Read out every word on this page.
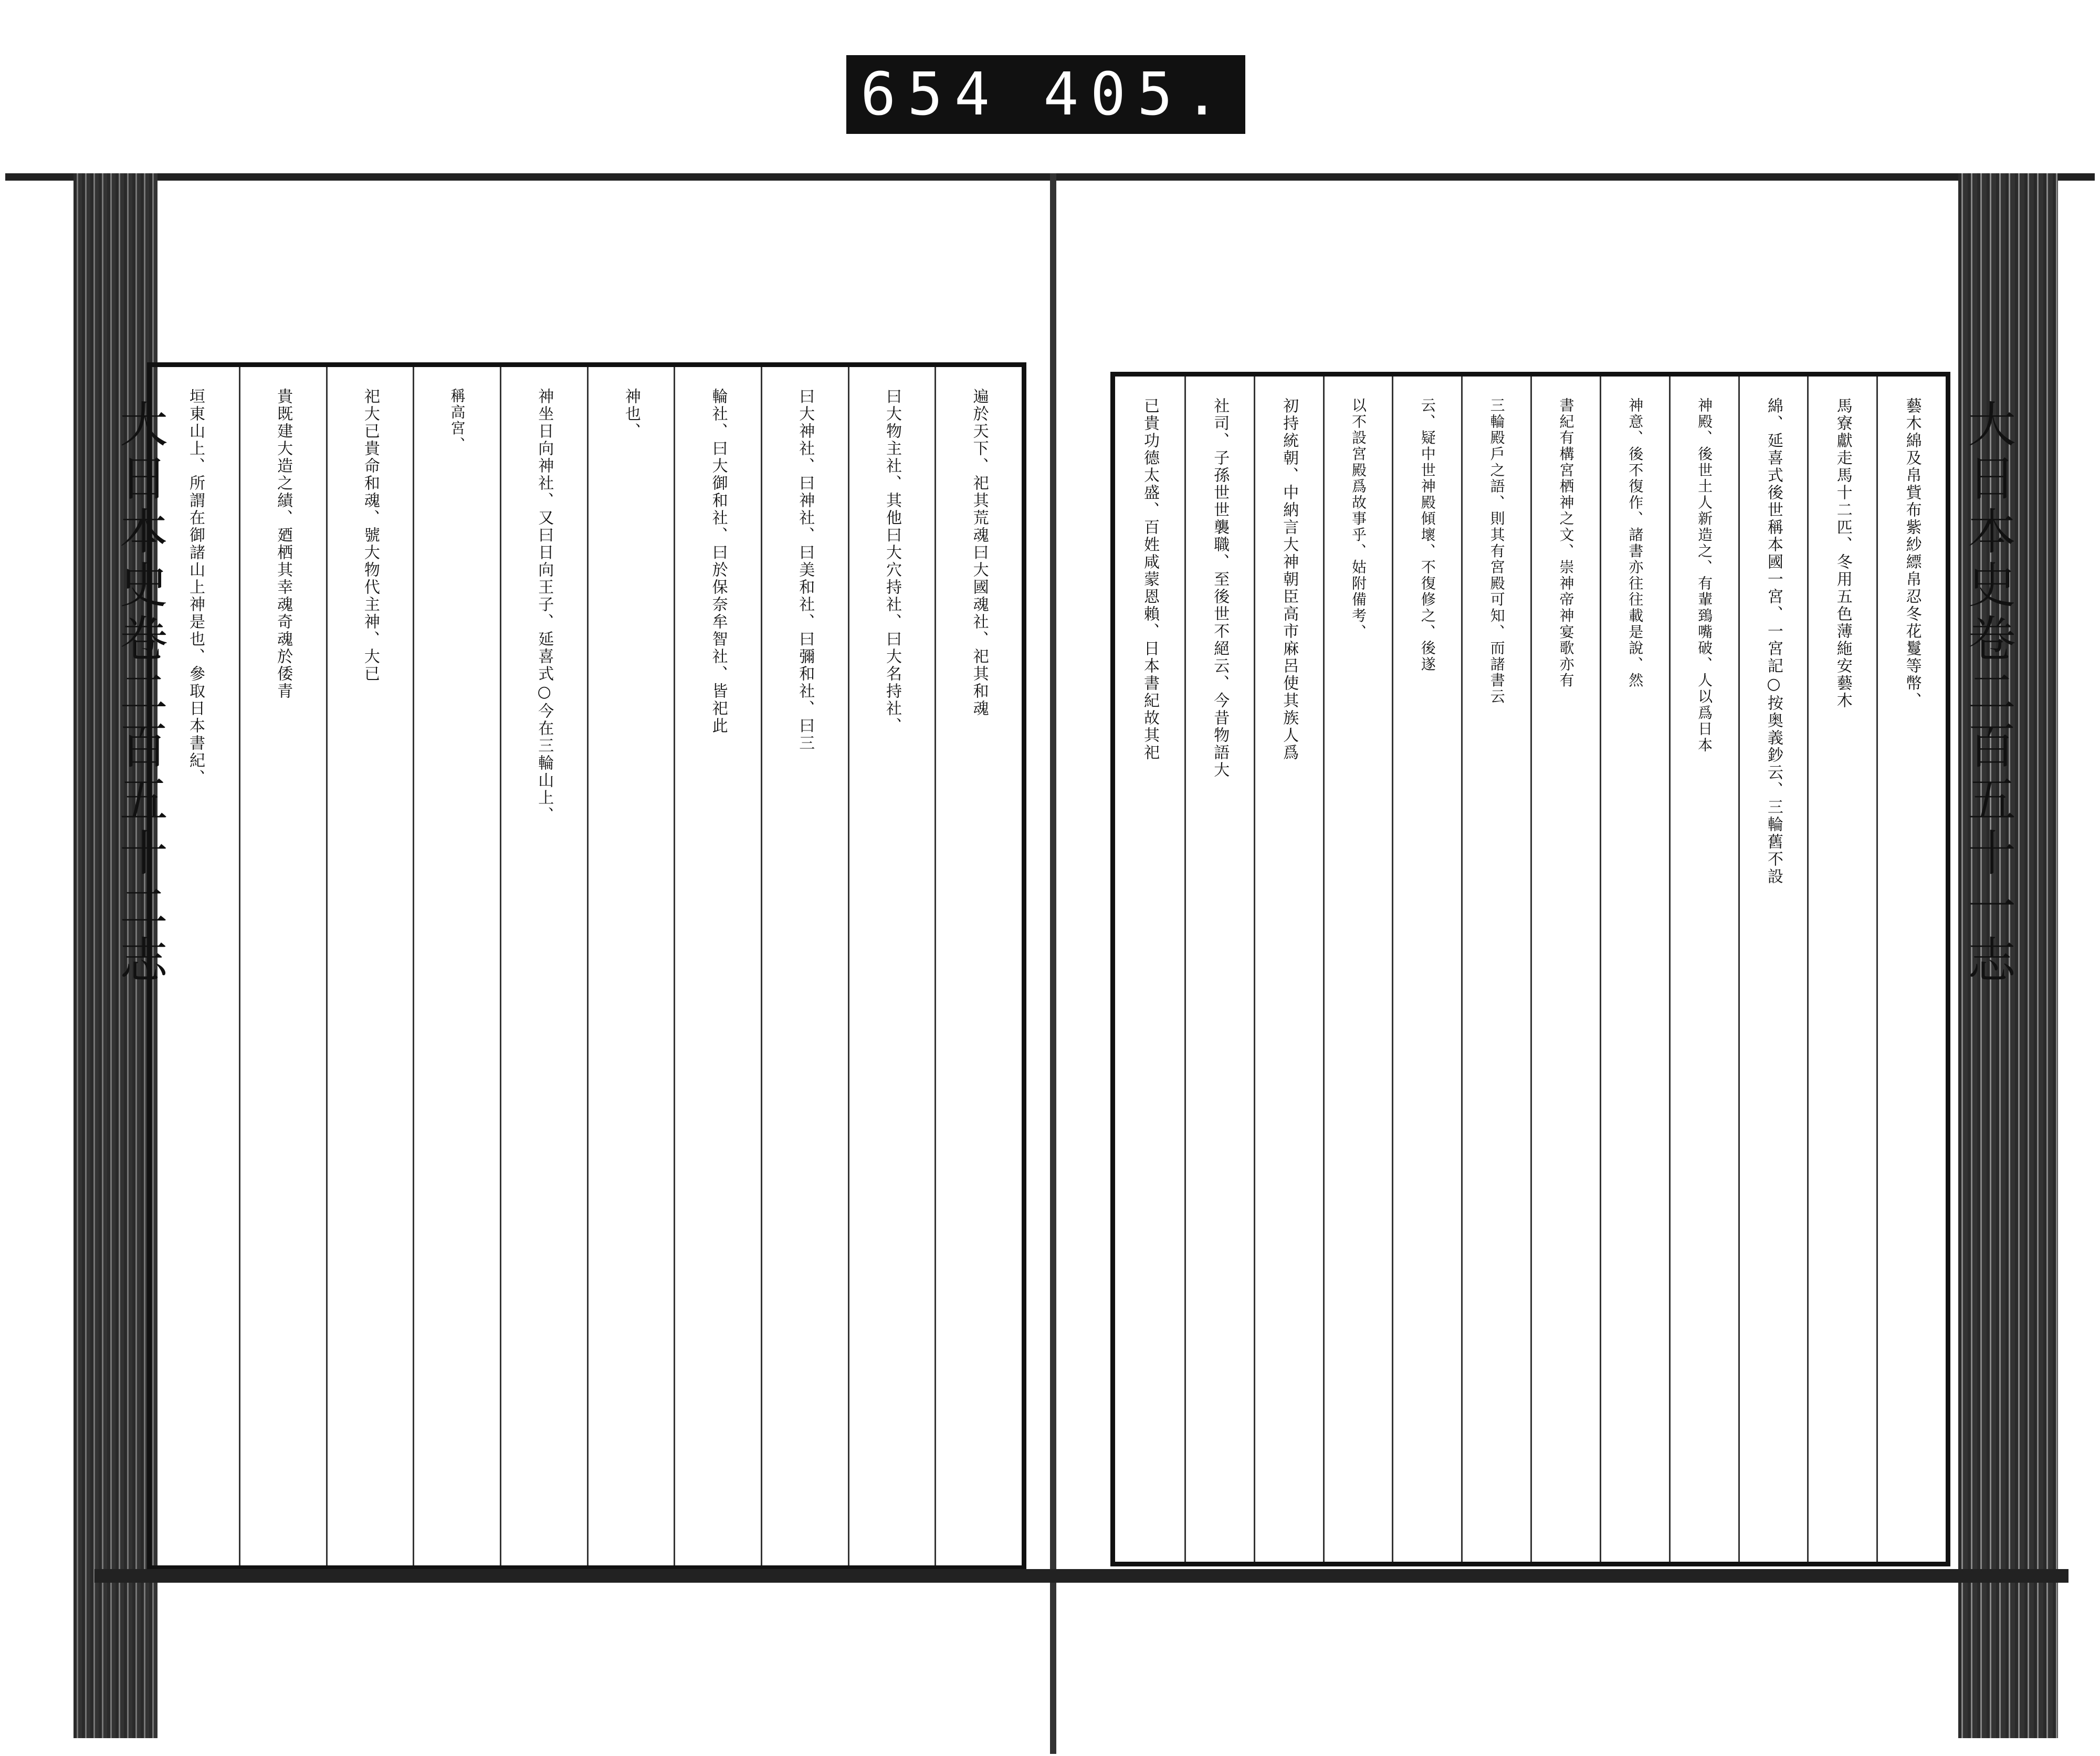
654 405.
大日本史卷二百五十二志	大日本史卷二百五十一志
藝木綿及帛貲布紫紗縹帛忍冬花鬘等幣、
馬寮獻走馬十二匹、冬用五色薄絁安藝木
綿、延喜式後世稱本國一宮、一宮記○按奥義鈔云、三輪舊不設
神殿、後世土人新造之、有輩鵄嘴破、人以爲日本
神意、後不復作、諸書亦往往載是說、然
書紀有構宮栖神之文、崇神帝神宴歌亦有
三輪殿戶之語、則其有宮殿可知、而諸書云
云、疑中世神殿傾壞、不復修之、後遂
以不設宮殿爲故事乎、姑附備考、
初持統朝、中納言大神朝臣高市麻呂使其族人爲
社司、子孫世世襲職、至後世不絕云、今昔物語大
已貴功德太盛、百姓咸蒙恩賴、日本書紀故其祀
遍於天下、祀其荒魂曰大國魂社、祀其和魂
曰大物主社、其他曰大穴持社、曰大名持社、
曰大神社、曰神社、曰美和社、曰彌和社、曰三
輪社、曰大御和社、曰於保奈牟智社、皆祀此
神也、
神坐日向神社、又曰日向王子、延喜式○今在三輪山上、
稱高宮、
祀大已貴命和魂、號大物代主神、大已
貴既建大造之績、廼栖其幸魂奇魂於倭青
垣東山上、所謂在御諸山上神是也、參取日本書紀、
